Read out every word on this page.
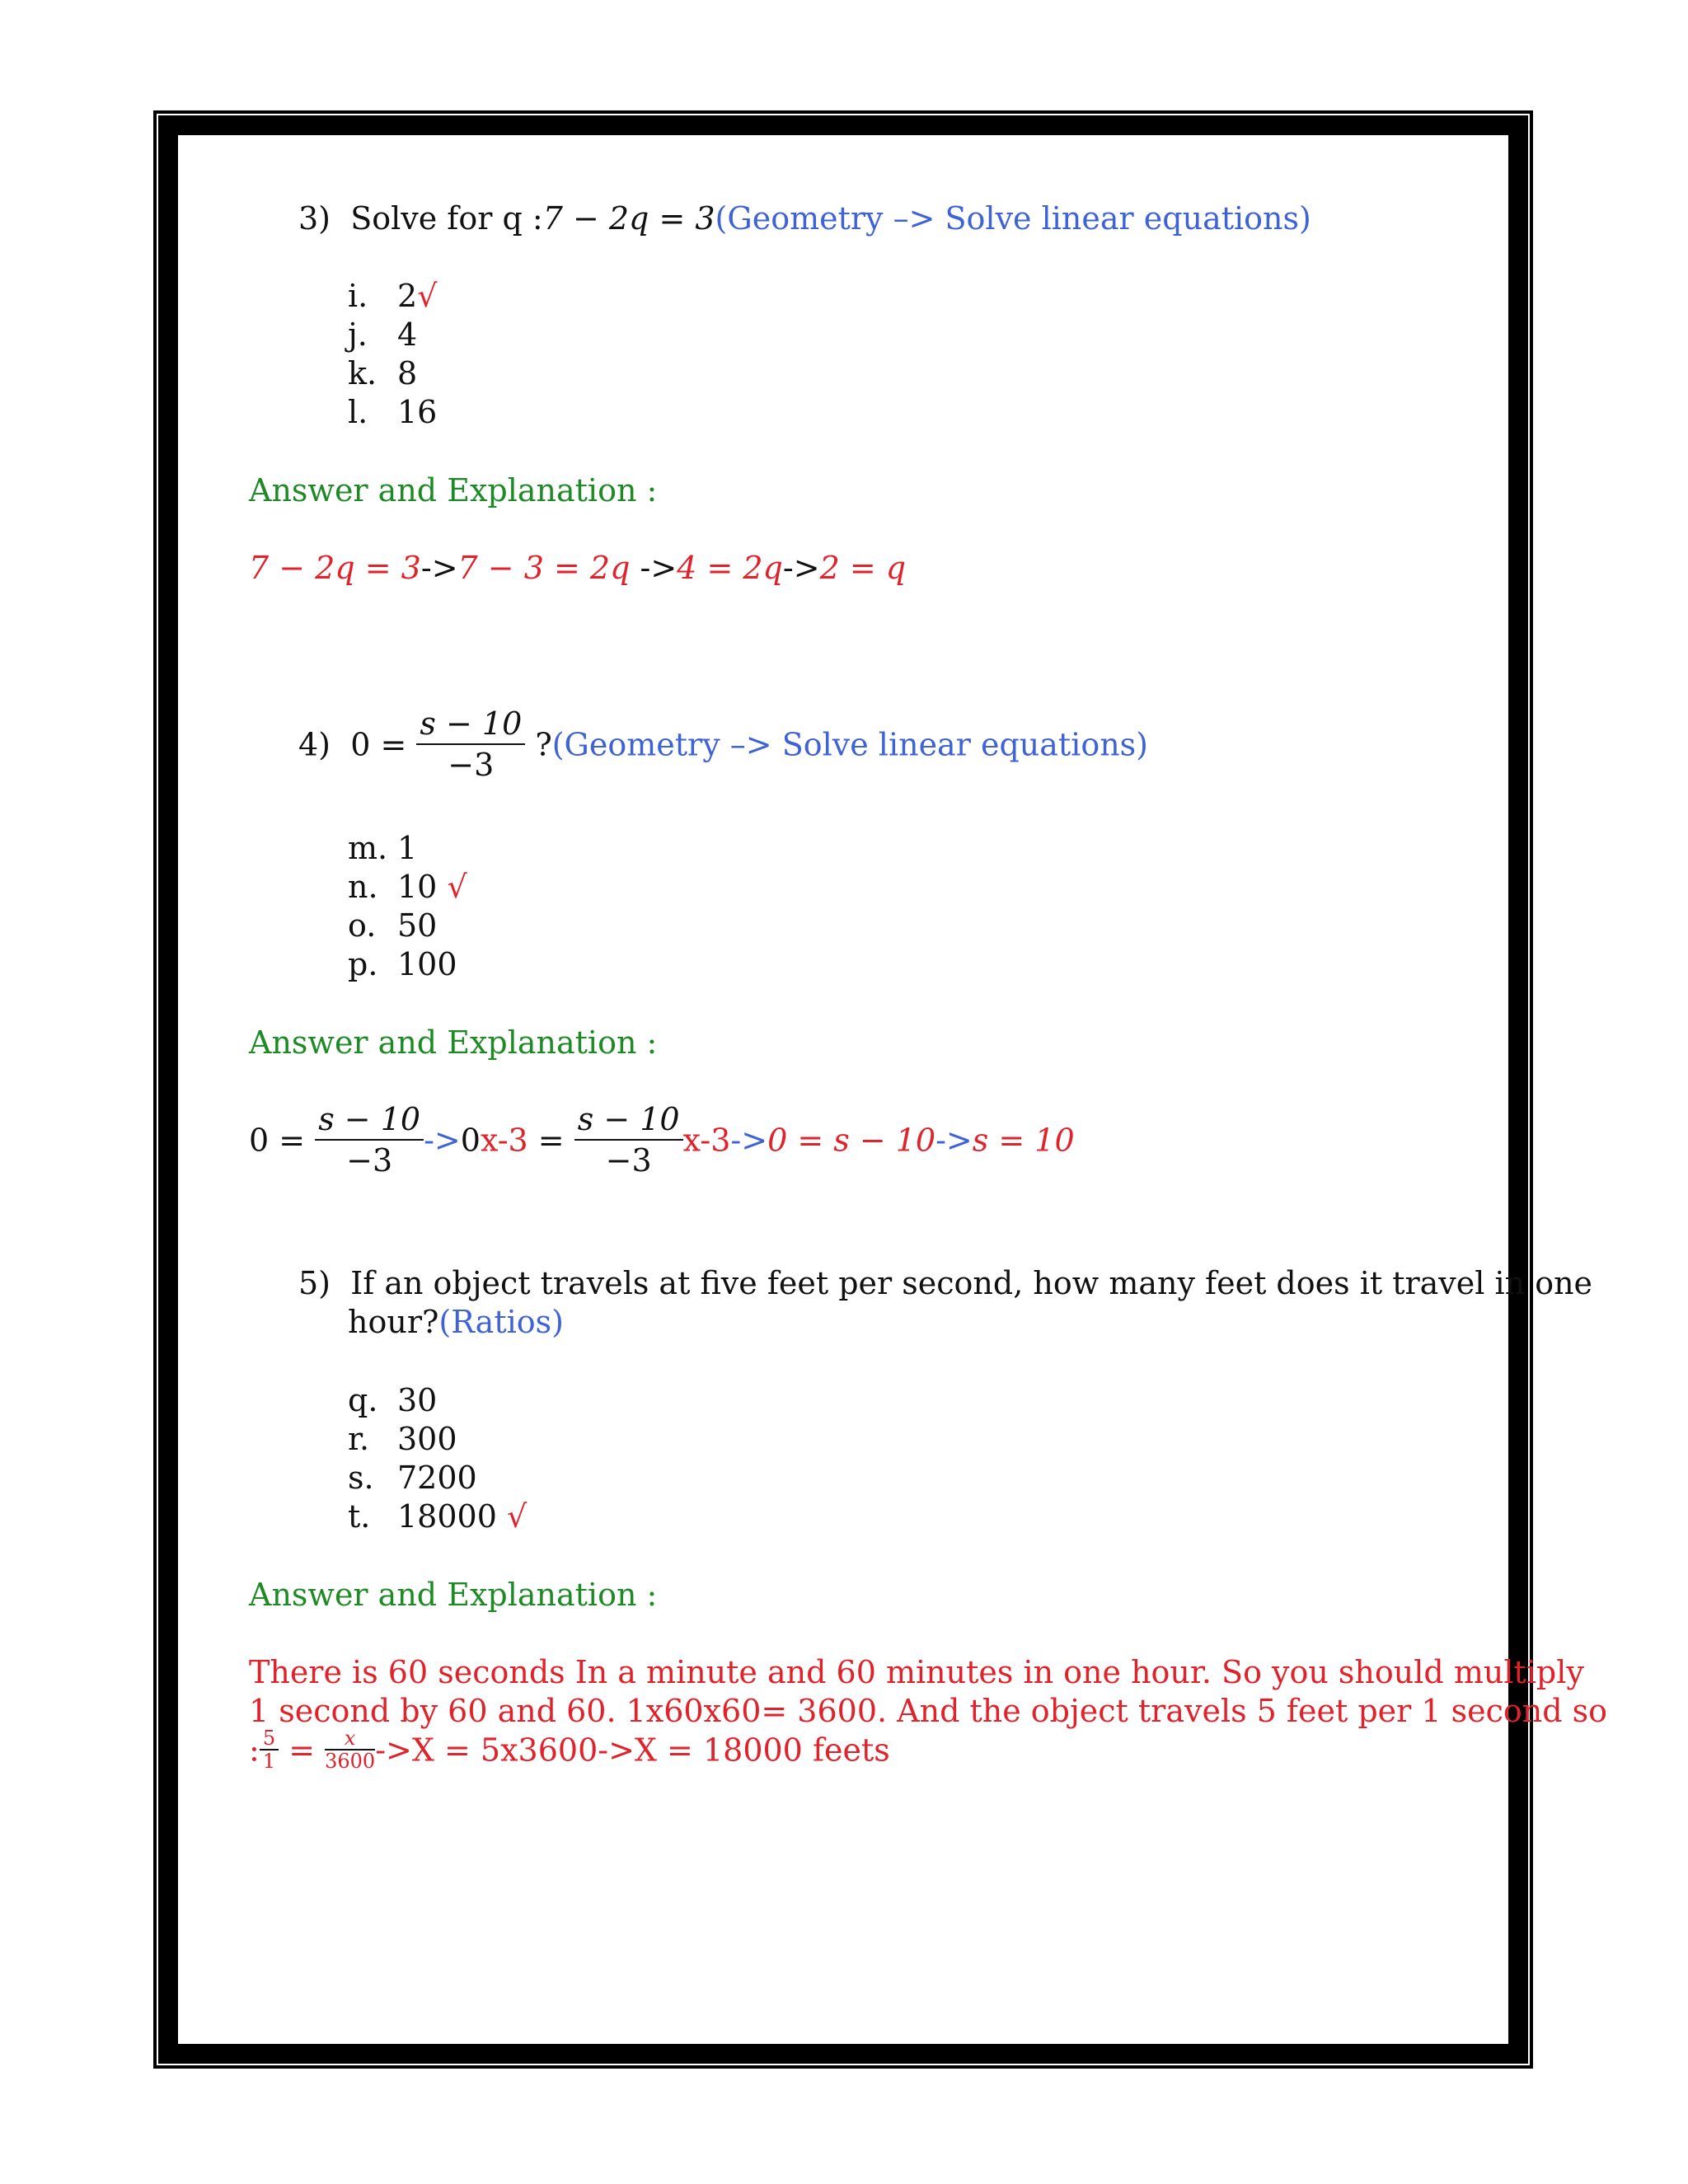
3) Solve for q :7 − 2q = 3(Geometry –> Solve linear equations)
i. 2√
j. 4
k. 8
l. 16
Answer and Explanation :
7 − 2q = 3->7 − 3 = 2q ->4 = 2q->2 = q
4) $0 = \frac{s - 10}{-3}$ ?(Geometry –> Solve linear equations)
m. 1
n. 10 √
o. 50
p. 100
Answer and Explanation :
$0 = \frac{s - 10}{-3} ->0x-3 = \frac{s - 10}{-3} x-3->0 = s - 10->s = 10$
5) If an object travels at five feet per second, how many feet does it travel in one
hour?(Ratios)
q. 30
r. 300
s. 7200
t. 18000 √
Answer and Explanation :
There is 60 seconds In a minute and 60 minutes in one hour. So you should multiply
1 second by 60 and 60. 1x60x60= 3600. And the object travels 5 feet per 1 second so
: $\frac{5}{1} = \frac{x}{3600} ->X = 5x3600->X = 18000$ feets
